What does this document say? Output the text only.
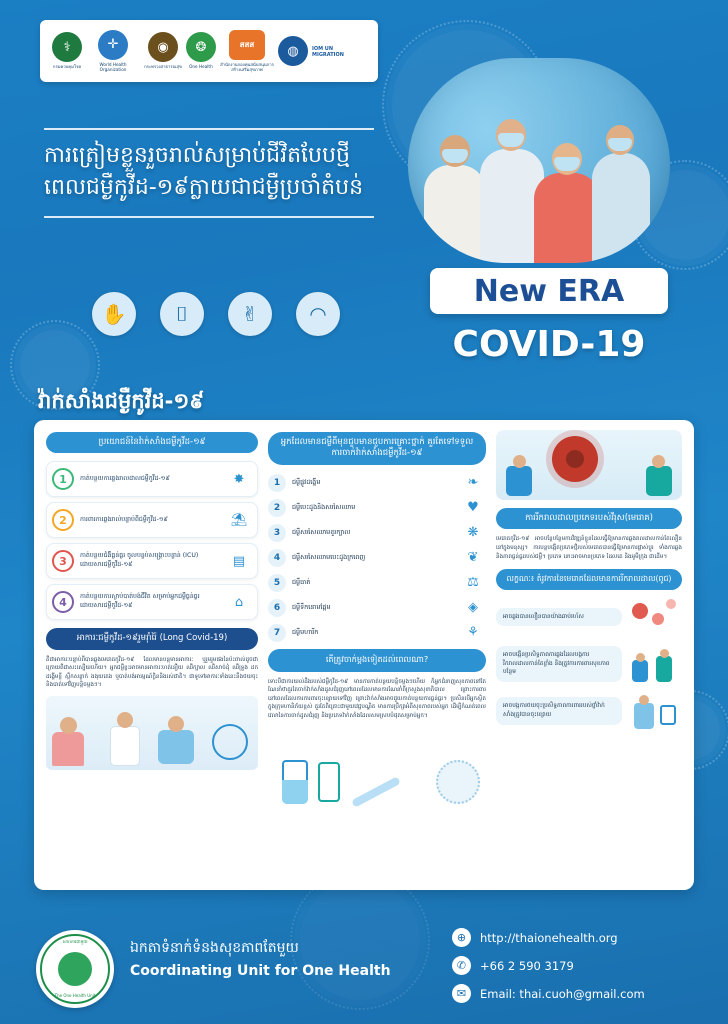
⚕
กรมควบคุมโรค
✛
World Health Organization
◉
กระทรวงสาธารณสุข
❂
One Health
สสส
สำนักงานกองทุนสนับสนุนการสร้างเสริมสุขภาพ
◍	IOM UN MIGRATION
ការត្រៀមខ្លួនរួចរាល់សម្រាប់ជីវិតបែបថ្មី
ពេលជម្ងឺកូវីដ-១៩ក្លាយជាជម្ងឺប្រចាំតំបន់
New ERA
COVID-19
✋	⌷	✌	◠
វ៉ាក់សាំងជម្ងឺកូវីដ-១៩
ប្រយោជន៍នៃវ៉ាក់សាំងជម្ងឺកូវីដ-១៩
1	កាត់បន្ថយការឆ្លងរាលដាលជម្ងឺកូវីដ-១៩	✸
2	ការពារការឆ្លងរាល់បន្ទាប់ពីជម្ងឺកូវីដ-១៩	⛱
3	កាត់បន្ថយជំងឺធ្ងន់ធ្ងរ ចូលបន្ទប់សង្គ្រោះបន្ទាន់ (ICU) ដោយសារជម្ងឺកូវីដ-១៩	▤
4	កាត់បន្ថយការស្លាប់បាត់បង់ជីវិត សម្រាប់អ្នកជម្ងឺធ្ងន់ធ្ងរដោយសារជម្ងឺកូវីដ-១៩	⌂
អាការៈជម្ងឺកូវីដ-១៩រួមរ៉ាំរ៉ៃ (Long Covid-19)
គឺជាអាការៈបន្ទាប់ពីបានឆ្លងមេរោគកូវីដ-១៩ ដែលមានបន្តមានអាការៈ ឬរួមរួមផងនៃប៉ះពាល់ដូចជាក្រោយពីជាសះស្បើយហើយ។ អ្នកជម្ងឺខ្លះអាចមានអាការៈហត់នឿយ ឈឺក្បាល ឈឺសាច់ដុំ ឈឺទ្រូង ដកដង្ហើមខ្លី ស្ពឹកសន្លាក់ ងងុយគេង ឬបាត់បង់អារម្មណ៍ក្លិននិងរស់ជាតិ។ ជាទូទៅអាការៈទាំងនេះនឹងថយចុះ និងបាត់ទៅវិញបន្តិចម្តងៗ។
អ្នកដែលមានជម្ងឺពីមុនជួបមានជួបការគ្រោះថ្នាក់ គួរតែទៅទទួលការចាក់វ៉ាក់សាំងជម្ងឺកូវីដ-១៩
1	ជម្ងឺផ្លូវដង្ហើម	❧
2	ជម្ងឺបេះដូងនិងសរសៃឈាម	♥
3	ជម្ងឺសរសៃឈាមខួរក្បាល	❋
4	ជម្ងឺសរសៃឈាមបេះដូងក្រពេញ	❦
5	ជម្ងឺធាត់	⚖
6	ជម្ងឺទឹកនោមផ្អែម	◈
7	ជម្ងឺមហារីក	⚘
តើត្រូវចាក់ម្ដងទៀតដល់ពេលណា?
ទោះបីជាការយល់ដឹងរបស់ជម្ងឺកូវីដ-១៩ មានការកាត់បន្ថយបន្តិចម្ដងៗហើយ ក៏អ្នកជំនាញសុខភាពនៅតែណែនាំថាគួរតែចាក់វ៉ាក់សាំងដូសជំរុញនៅពេលដែលមានការណែនាំពីក្រសួងសុខាភិបាល ព្រោះការពារ នៅពេលដែលការការពារចុះខ្សោយទៅវិញ ព្រោះវ៉ាក់សាំងអាចជួយកាត់បន្ថយការធ្ងន់ធ្ងរ។ ប្រសិនបើអ្នកស្ថិតក្នុងក្រុមហានិភ័យខ្ពស់ គួរតែពិគ្រោះជាមួយវេជ្ជបណ្ឌិត មានការប្រឹក្សាអំពីសុខភាពរបស់អ្នក ដើម្បីកំណត់ពេលវេលានៃការចាក់ដូសជំរុញ និងប្រភេទវ៉ាក់សាំងដែលសមស្របបំផុតសម្រាប់អ្នក។
ការរីករាលដាលប្រភេទរបស់វីរុស(មេរោគ)
មេរោគកូវីដ-១៩ អាចបន្តែបន្ថែមការវិវឌ្ឍន៍ខ្លួនដែលធ្វើឱ្យមានការឆ្លងរាលដាលកាន់តែលឿននៅក្នុងមនុស្ស។ ការបន្តបង្កើតប្រភេទថ្មីរបស់មេរោគបានធ្វើឱ្យមានការផ្លាស់ប្ដូរ ទាំងការឆ្លងនិងភាពធ្ងន់ធ្ងររបស់ជម្ងឺ។ ប្រភេទ នោះអាចមានប្រភេទ ដែលគេ និងអូមីក្រុង ជាដើម។
លក្ខណៈ៖ តំរូវការនៃមេរោគដែលមានការរីករាលដាល(ពូជ)
អាចឆ្លងបានលឿនបានយ៉ាងឆាប់រហ័ស
អាចបង្កើនប្រសិទ្ធភាពការឆ្លងដែលបង្កការរីករាលដាលកាន់តែខ្លាំង និងត្រូវការការពារសុខភាពបន្ថែម
អាចបង្កការថយចុះប្រសិទ្ធភាពការពាររបស់ថ្នាំវ៉ាក់សាំងត្រូវបានចុះខ្សោយ
សហការជាមួយ
The One Health Unit
ឯកតាទំនាក់ទំនងសុខភាពតែមួយ
Coordinating Unit for One Health
⊕	http://thaionehealth.org
✆	+66 2 590 3179
✉	Email: thai.cuoh@gmail.com
